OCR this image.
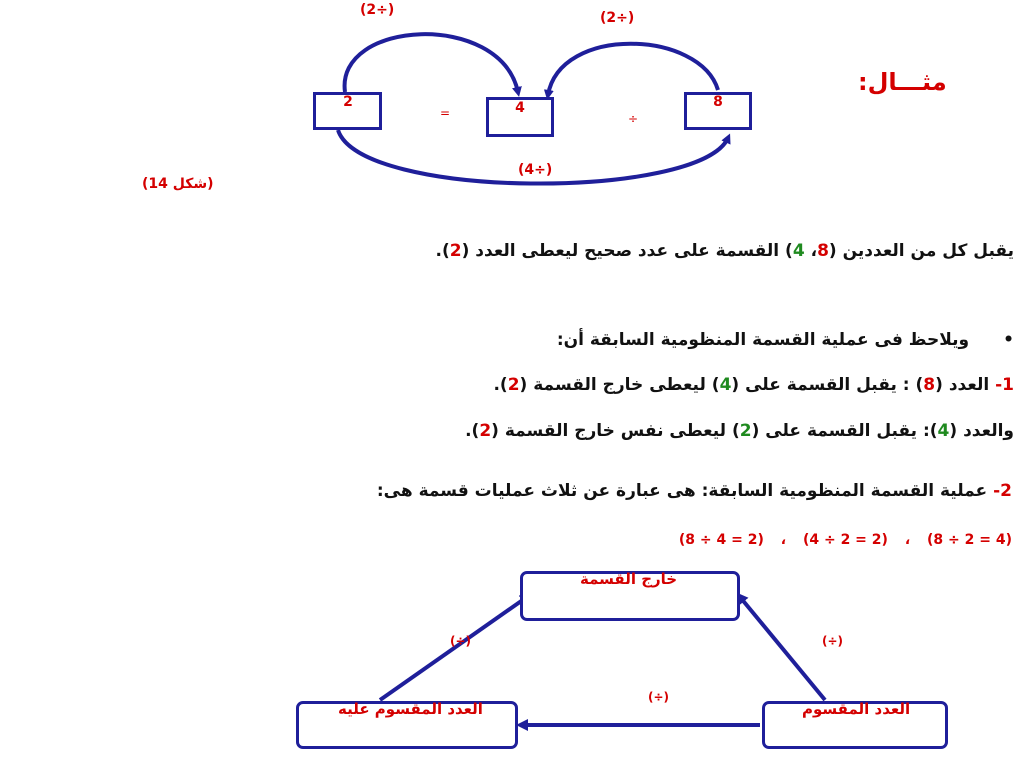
2	4	8
=	÷
(2÷)	(2÷)
(4÷)
مثـــال:
(شكل 14)
يقبل كل من العددين (8، 4) القسمة على عدد صحيح ليعطى العدد (2).
•ويلاحظ فى عملية القسمة المنظومية السابقة أن:
1- العدد (8) : يقبل القسمة على (4) ليعطى خارج القسمة (2).
والعدد (4): يقبل القسمة على (2) ليعطى نفس خارج القسمة (2).
2- عملية القسمة المنظومية السابقة: هى عبارة عن ثلاث عمليات قسمة هى:
(8 ÷ 4 = 2) ، (4 ÷ 2 = 2) ، (8 ÷ 2 = 4)
خارج القسمة
العدد المقسوم عليه	العدد المقسوم
(÷)	(÷)
(÷)
